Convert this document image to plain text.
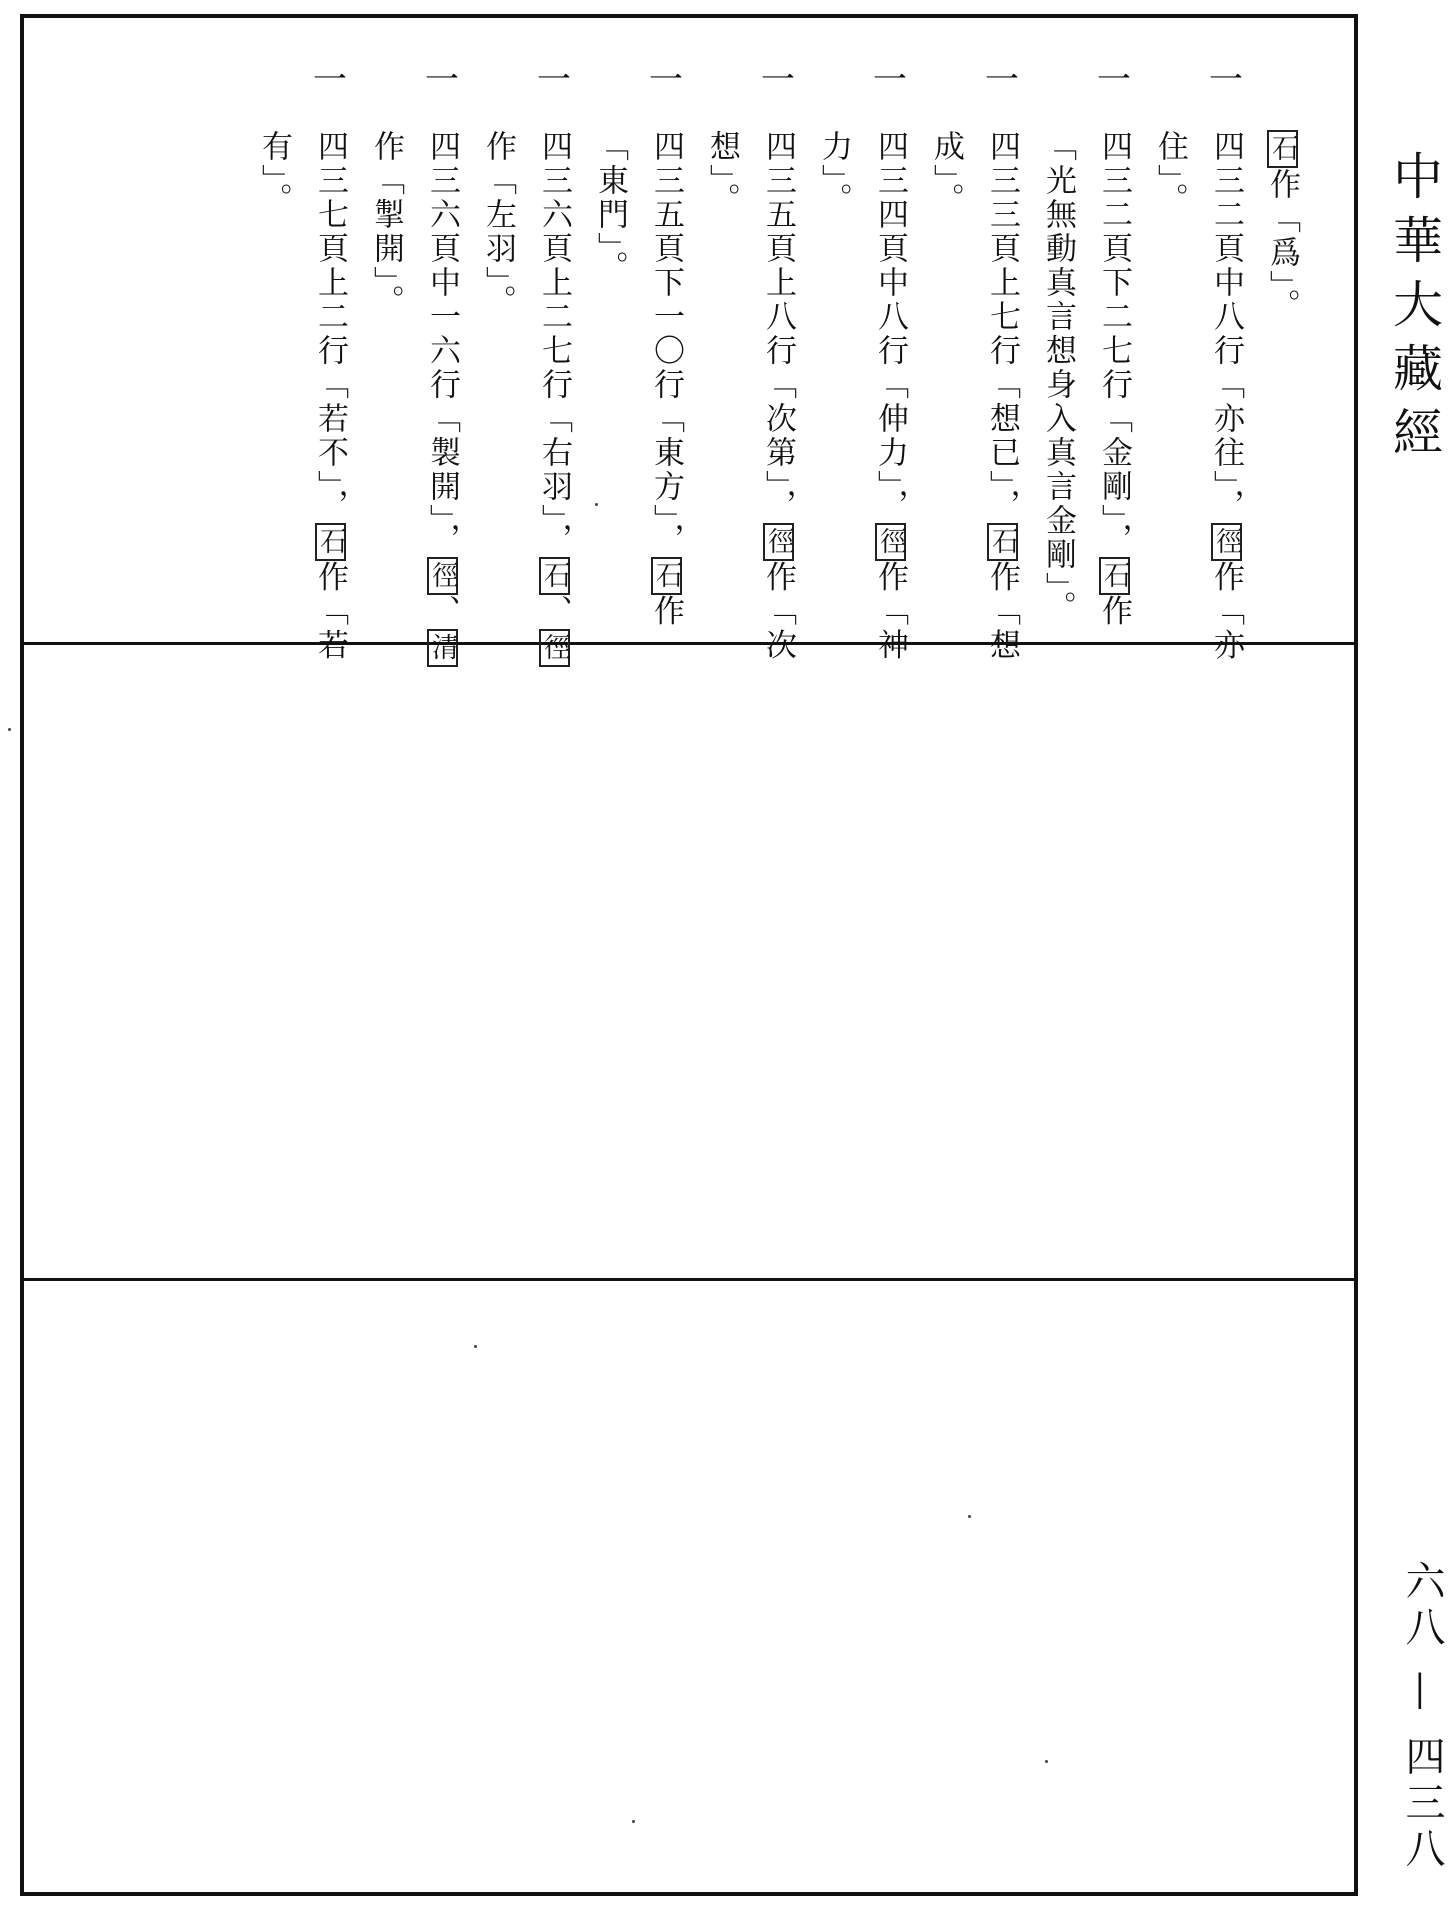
中華大藏經
六八 — 四三八
石作「爲」。
一
四三二頁中八行「亦往」，徑作「亦
住」。
一
四三二頁下二七行「金剛」，石作
「光無動真言想身入真言金剛」。
一
四三三頁上七行「想已」，石作「想
成」。
一
四三四頁中八行「伸力」，徑作「神
力」。
一
四三五頁上八行「次第」，徑作「次
想」。
一
四三五頁下一〇行「東方」，石作
「東門」。
一
四三六頁上二七行「右羽」，石、徑
作「左羽」。
一
四三六頁中一六行「製開」，徑、清
作「掣開」。
一
四三七頁上二行「若不」，石作「若
有」。
